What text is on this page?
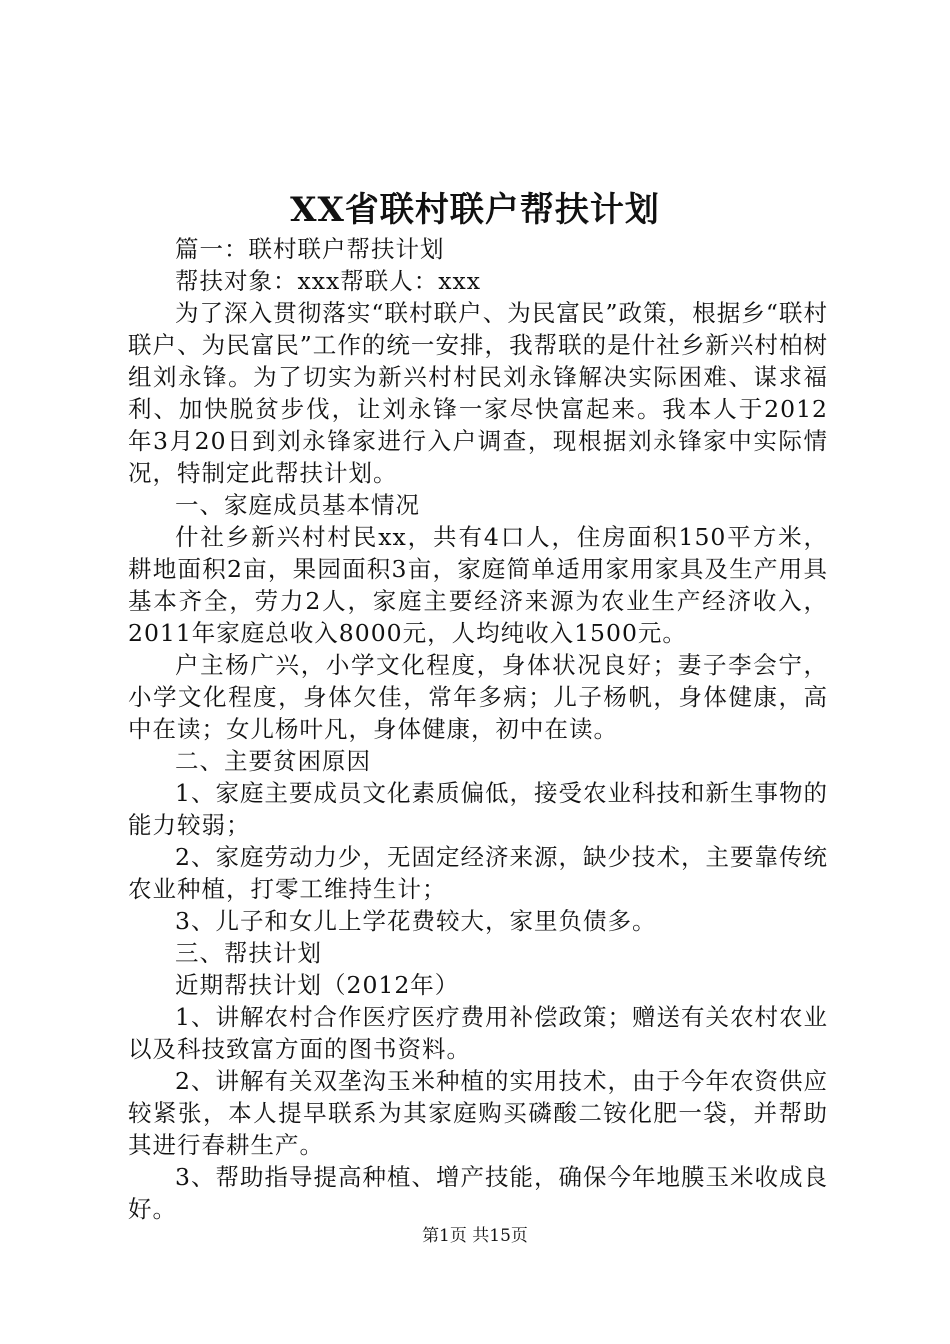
XX省联村联户帮扶计划

篇一：联村联户帮扶计划

帮扶对象：xxx帮联人：xxx

为了深入贯彻落实“联村联户、为民富民”政策，根据乡“联村联户、为民富民”工作的统一安排，我帮联的是什社乡新兴村柏树组刘永锋。为了切实为新兴村村民刘永锋解决实际困难、谋求福利、加快脱贫步伐，让刘永锋一家尽快富起来。我本人于2012年3月20日到刘永锋家进行入户调查，现根据刘永锋家中实际情况，特制定此帮扶计划。

一、家庭成员基本情况

什社乡新兴村村民xx，共有4口人，住房面积150平方米，耕地面积2亩，果园面积3亩，家庭简单适用家用家具及生产用具基本齐全，劳力2人，家庭主要经济来源为农业生产经济收入，2011年家庭总收入8000元，人均纯收入1500元。

户主杨广兴，小学文化程度，身体状况良好；妻子李会宁，小学文化程度，身体欠佳，常年多病；儿子杨帆，身体健康，高中在读；女儿杨叶凡，身体健康，初中在读。

二、主要贫困原因

1、家庭主要成员文化素质偏低，接受农业科技和新生事物的能力较弱；

2、家庭劳动力少，无固定经济来源，缺少技术，主要靠传统农业种植，打零工维持生计；

3、儿子和女儿上学花费较大，家里负债多。

三、帮扶计划

近期帮扶计划（2012年）

1、讲解农村合作医疗医疗费用补偿政策；赠送有关农村农业以及科技致富方面的图书资料。

2、讲解有关双垄沟玉米种植的实用技术，由于今年农资供应较紧张，本人提早联系为其家庭购买磷酸二铵化肥一袋，并帮助其进行春耕生产。

3、帮助指导提高种植、增产技能，确保今年地膜玉米收成良好。

第1页 共15页
